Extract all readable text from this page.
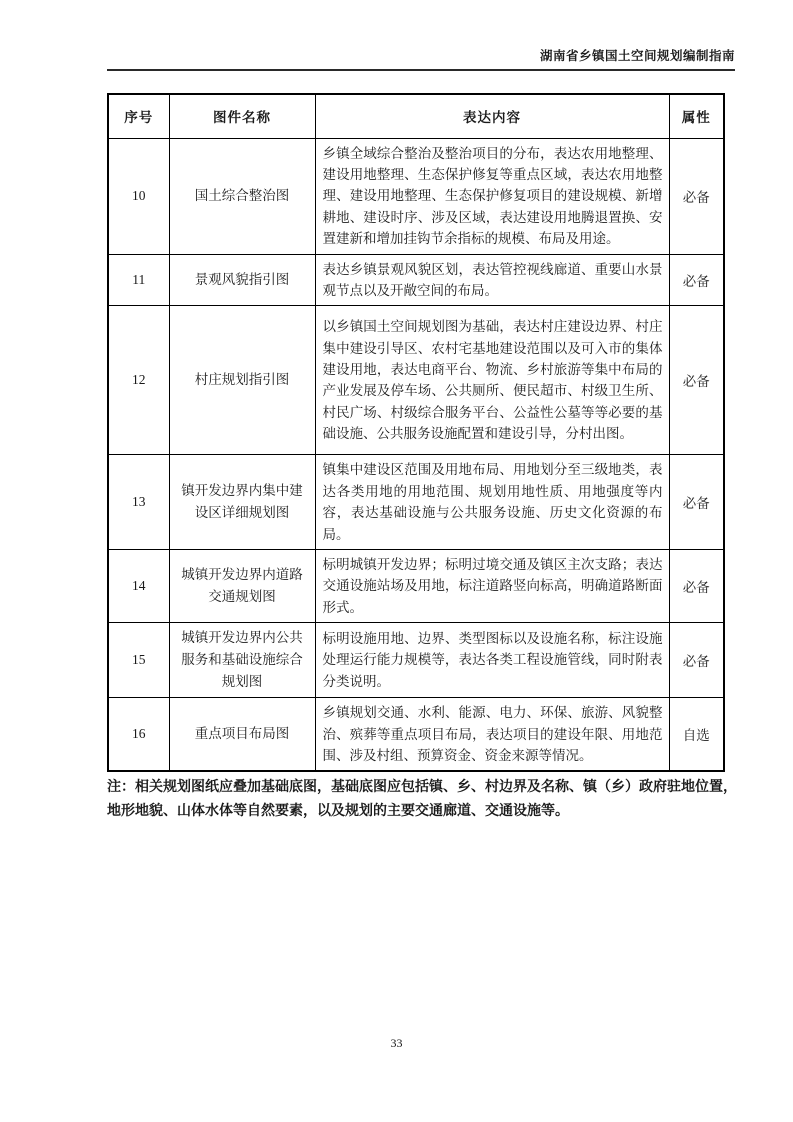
湖南省乡镇国土空间规划编制指南
序号	图件名称	表达内容	属性
10	国土综合整治图	乡镇全域综合整治及整治项目的分布，表达农用地整理、建设用地整理、生态保护修复等重点区域，表达农用地整理、建设用地整理、生态保护修复项目的建设规模、新增耕地、建设时序、涉及区域，表达建设用地腾退置换、安置建新和增加挂钩节余指标的规模、布局及用途。	必备
11	景观风貌指引图	表达乡镇景观风貌区划，表达管控视线廊道、重要山水景观节点以及开敞空间的布局。	必备
12	村庄规划指引图	以乡镇国土空间规划图为基础，表达村庄建设边界、村庄集中建设引导区、农村宅基地建设范围以及可入市的集体建设用地，表达电商平台、物流、乡村旅游等集中布局的产业发展及停车场、公共厕所、便民超市、村级卫生所、村民广场、村级综合服务平台、公益性公墓等等必要的基础设施、公共服务设施配置和建设引导，分村出图。	必备
13	镇开发边界内集中建设区详细规划图	镇集中建设区范围及用地布局、用地划分至三级地类，表达各类用地的用地范围、规划用地性质、用地强度等内容，表达基础设施与公共服务设施、历史文化资源的布局。	必备
14	城镇开发边界内道路交通规划图	标明城镇开发边界；标明过境交通及镇区主次支路；表达交通设施站场及用地，标注道路竖向标高，明确道路断面形式。	必备
15	城镇开发边界内公共服务和基础设施综合规划图	标明设施用地、边界、类型图标以及设施名称，标注设施处理运行能力规模等，表达各类工程设施管线，同时附表分类说明。	必备
16	重点项目布局图	乡镇规划交通、水利、能源、电力、环保、旅游、风貌整治、殡葬等重点项目布局，表达项目的建设年限、用地范围、涉及村组、预算资金、资金来源等情况。	自选

注：相关规划图纸应叠加基础底图，基础底图应包括镇、乡、村边界及名称、镇（乡）政府驻地位置，地形地貌、山体水体等自然要素，以及规划的主要交通廊道、交通设施等。

33
